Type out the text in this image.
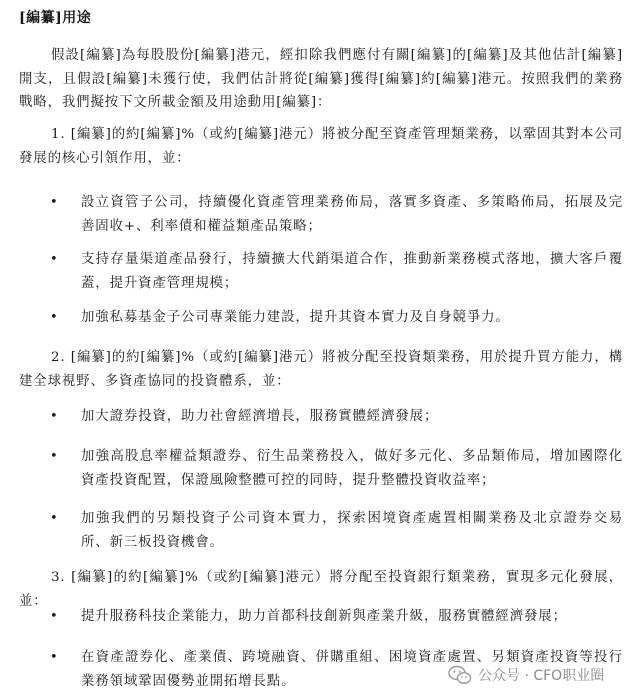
[編纂]用途
假設[編纂]為每股股份[編纂]港元，經扣除我們應付有關[編纂]的[編纂]及其他估計[編纂]開支，且假設[編纂]未獲行使，我們估計將從[編纂]獲得[編纂]約[編纂]港元。按照我們的業務戰略，我們擬按下文所載金額及用途動用[編纂]：
1. [編纂]的約[編纂]%（或約[編纂]港元）將被分配至資產管理類業務，以鞏固其對本公司發展的核心引領作用，並：
• 設立資管子公司，持續優化資產管理業務佈局，落實多資產、多策略佈局，拓展及完善固收+、利率債和權益類產品策略；
• 支持存量渠道產品發行，持續擴大代銷渠道合作，推動新業務模式落地，擴大客戶覆蓋，提升資產管理規模；
• 加強私募基金子公司專業能力建設，提升其資本實力及自身競爭力。
2. [編纂]的約[編纂]%（或約[編纂]港元）將被分配至投資類業務，用於提升買方能力，構建全球視野、多資產協同的投資體系，並：
• 加大證券投資，助力社會經濟增長，服務實體經濟發展；
• 加強高股息率權益類證券、衍生品業務投入，做好多元化、多品類佈局，增加國際化資產投資配置，保證風險整體可控的同時，提升整體投資收益率；
• 加強我們的另類投資子公司資本實力，探索困境資產處置相關業務及北京證券交易所、新三板投資機會。
3. [編纂]的約[編纂]%（或約[編纂]港元）將分配至投資銀行類業務，實現多元化發展，並：
• 提升服務科技企業能力，助力首都科技創新與產業升級，服務實體經濟發展；
• 在資產證券化、產業債、跨境融資、併購重組、困境資產處置、另類資產投資等投行業務領域鞏固優勢並開拓增長點。	公众号 · CFO职业圈
